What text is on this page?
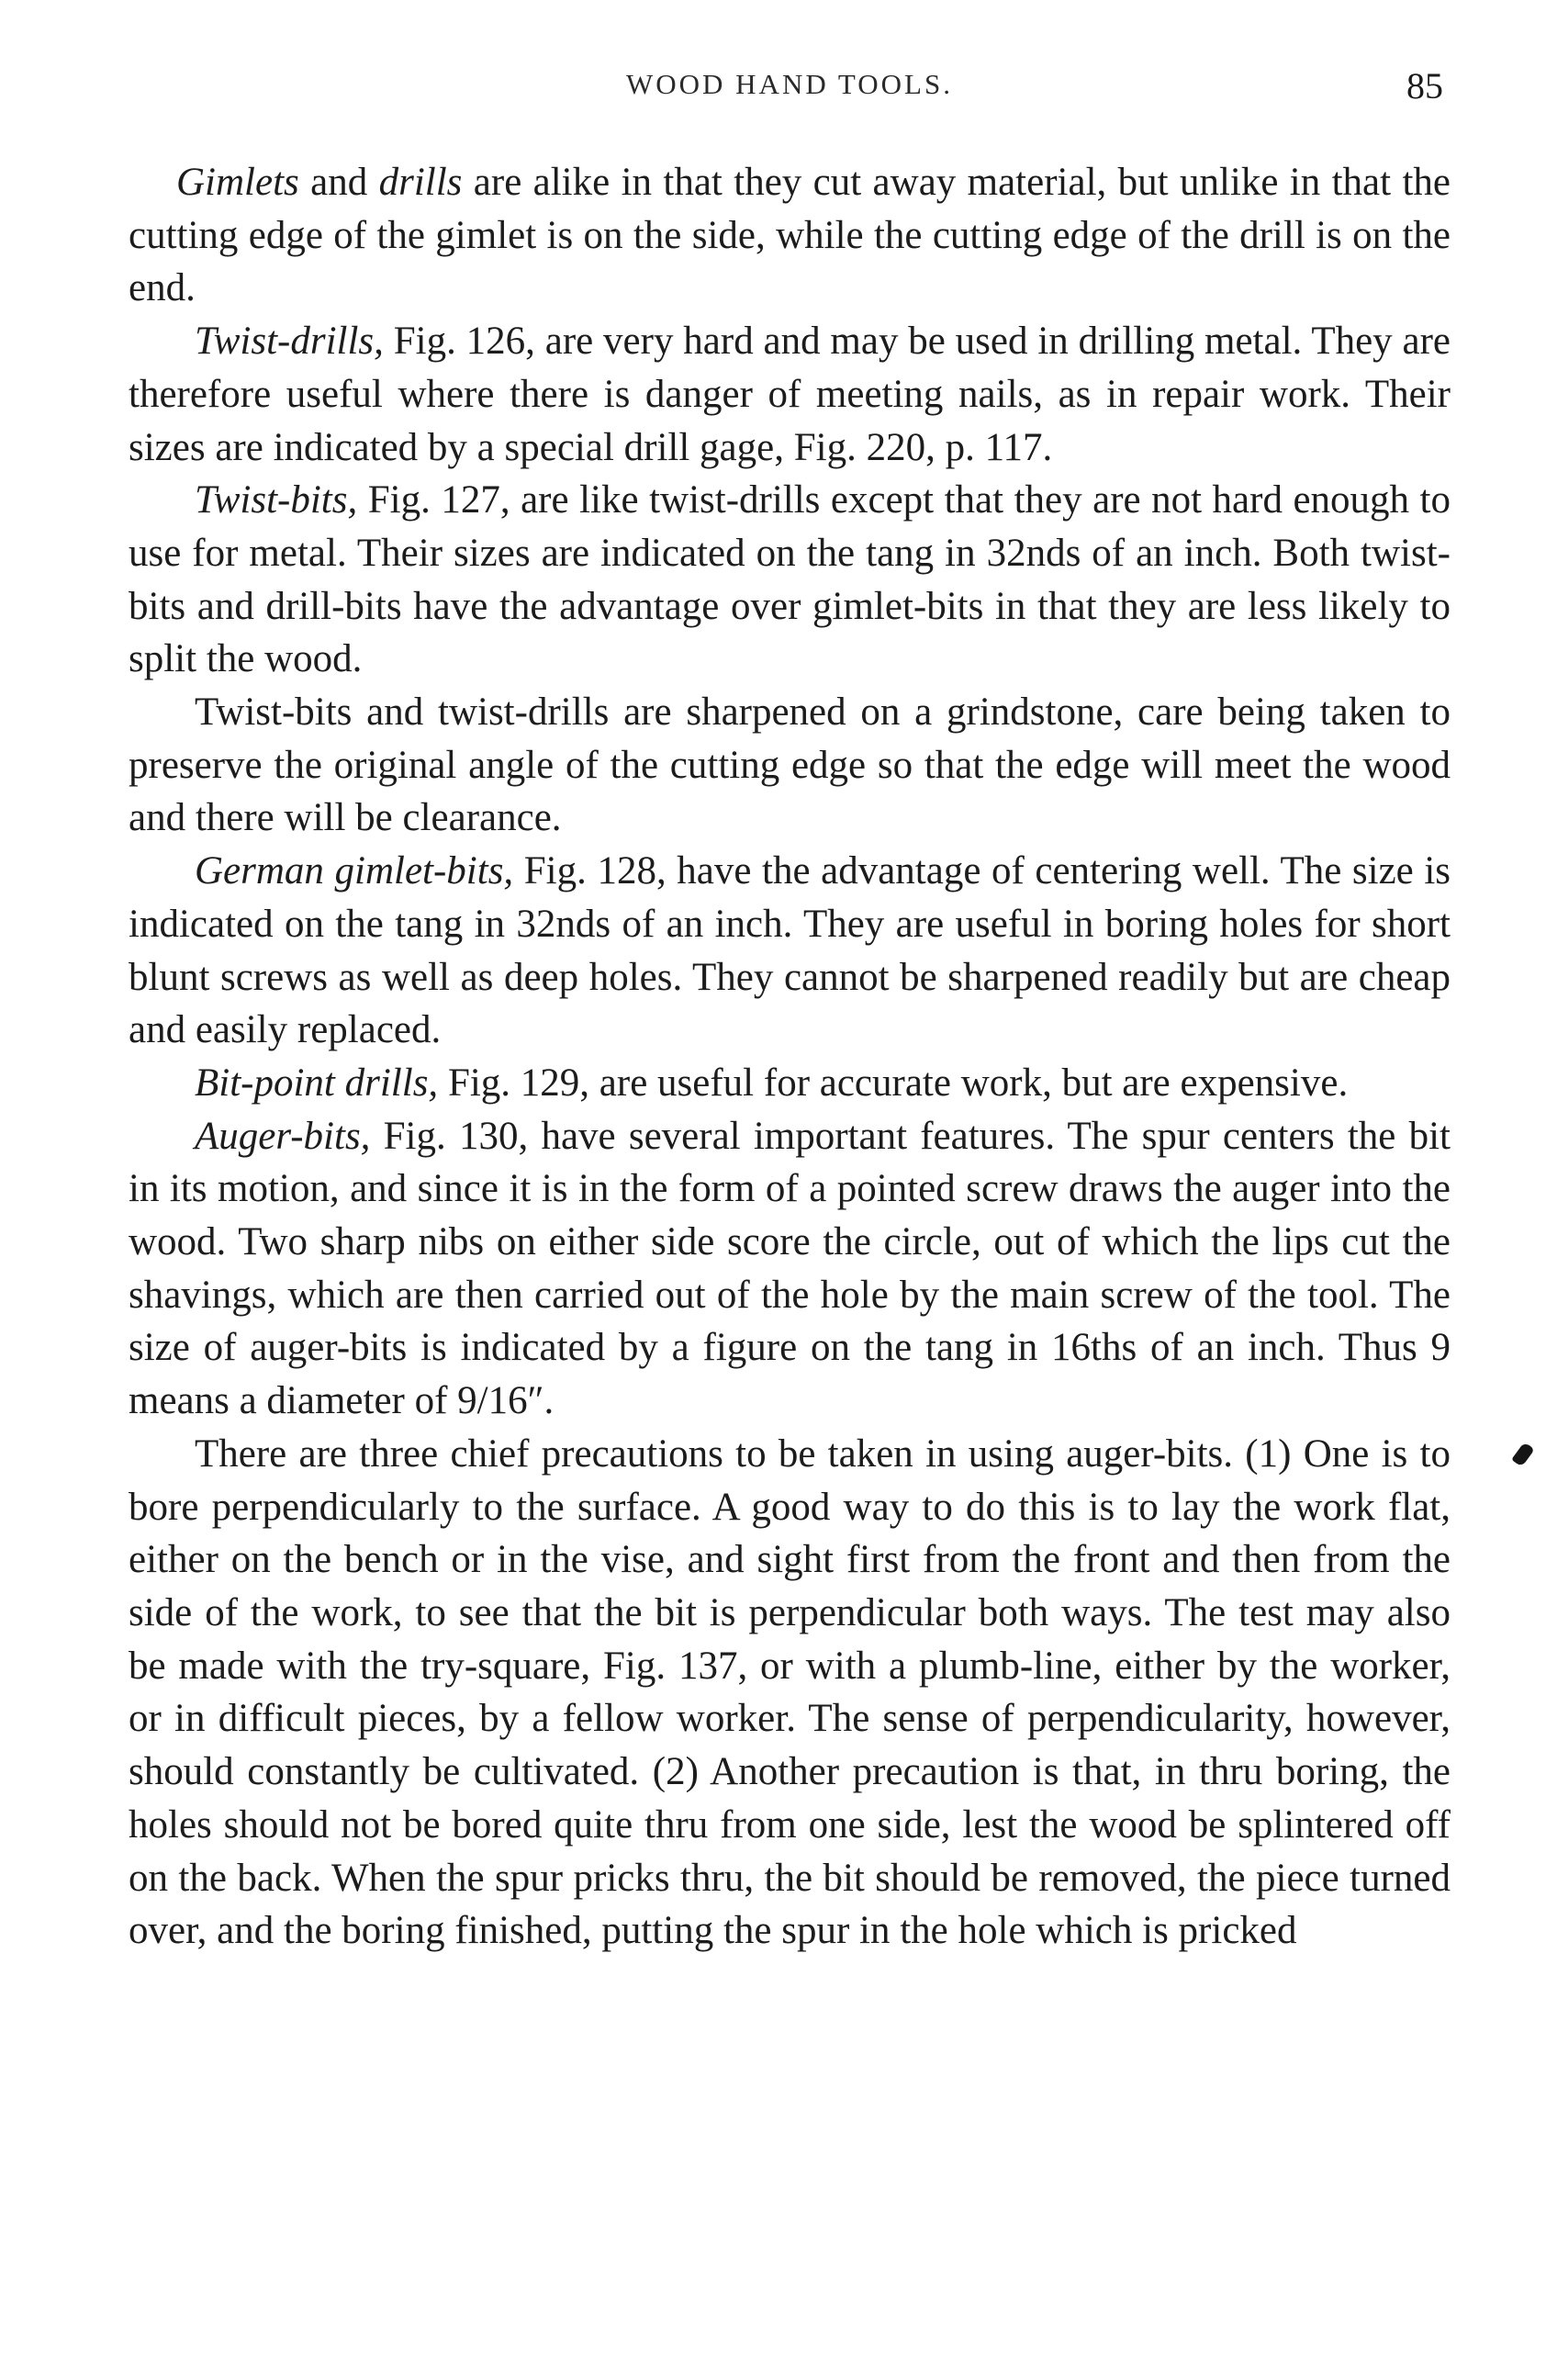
WOOD HAND TOOLS.	85

Gimlets and drills are alike in that they cut away material, but unlike in that the cutting edge of the gimlet is on the side, while the cutting edge of the drill is on the end.

Twist-drills, Fig. 126, are very hard and may be used in drilling metal. They are therefore useful where there is danger of meeting nails, as in repair work. Their sizes are indicated by a special drill gage, Fig. 220, p. 117.

Twist-bits, Fig. 127, are like twist-drills except that they are not hard enough to use for metal. Their sizes are indicated on the tang in 32nds of an inch. Both twist-bits and drill-bits have the advantage over gimlet-bits in that they are less likely to split the wood.

Twist-bits and twist-drills are sharpened on a grindstone, care being taken to preserve the original angle of the cutting edge so that the edge will meet the wood and there will be clearance.

German gimlet-bits, Fig. 128, have the advantage of centering well. The size is indicated on the tang in 32nds of an inch. They are useful in boring holes for short blunt screws as well as deep holes. They cannot be sharpened readily but are cheap and easily replaced.

Bit-point drills, Fig. 129, are useful for accurate work, but are expensive.

Auger-bits, Fig. 130, have several important features. The spur centers the bit in its motion, and since it is in the form of a pointed screw draws the auger into the wood. Two sharp nibs on either side score the circle, out of which the lips cut the shavings, which are then carried out of the hole by the main screw of the tool. The size of auger-bits is indicated by a figure on the tang in 16ths of an inch. Thus 9 means a diameter of 9/16″.

There are three chief precautions to be taken in using auger-bits. (1) One is to bore perpendicularly to the surface. A good way to do this is to lay the work flat, either on the bench or in the vise, and sight first from the front and then from the side of the work, to see that the bit is perpendicular both ways. The test may also be made with the try-square, Fig. 137, or with a plumb-line, either by the worker, or in difficult pieces, by a fellow worker. The sense of perpendicularity, however, should constantly be cultivated. (2) Another precaution is that, in thru boring, the holes should not be bored quite thru from one side, lest the wood be splintered off on the back. When the spur pricks thru, the bit should be removed, the piece turned over, and the boring finished, putting the spur in the hole which is pricked
